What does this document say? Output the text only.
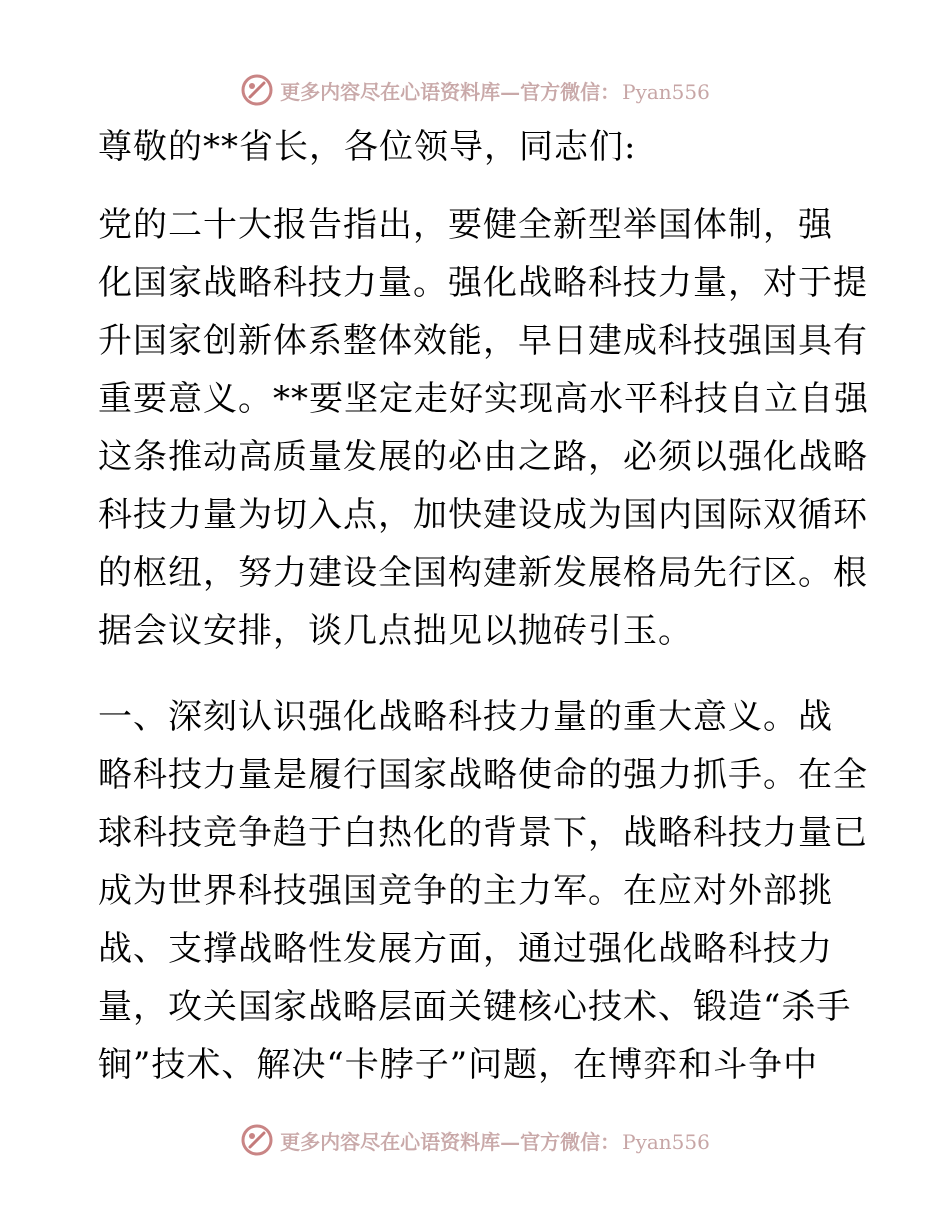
更多内容尽在心语资料库—官方微信： Pyan556
尊敬的**省长，各位领导，同志们:
党的二十大报告指出，要健全新型举国体制，强
化国家战略科技力量。强化战略科技力量，对于提
升国家创新体系整体效能，早日建成科技强国具有
重要意义。**要坚定走好实现高水平科技自立自强
这条推动高质量发展的必由之路，必须以强化战略
科技力量为切入点，加快建设成为国内国际双循环
的枢纽，努力建设全国构建新发展格局先行区。根
据会议安排，谈几点拙见以抛砖引玉。
一、深刻认识强化战略科技力量的重大意义。战
略科技力量是履行国家战略使命的强力抓手。在全
球科技竞争趋于白热化的背景下，战略科技力量已
成为世界科技强国竞争的主力军。在应对外部挑
战、支撑战略性发展方面，通过强化战略科技力
量，攻关国家战略层面关键核心技术、锻造“杀手
锏”技术、解决“卡脖子”问题，在博弈和斗争中
更多内容尽在心语资料库—官方微信： Pyan556
